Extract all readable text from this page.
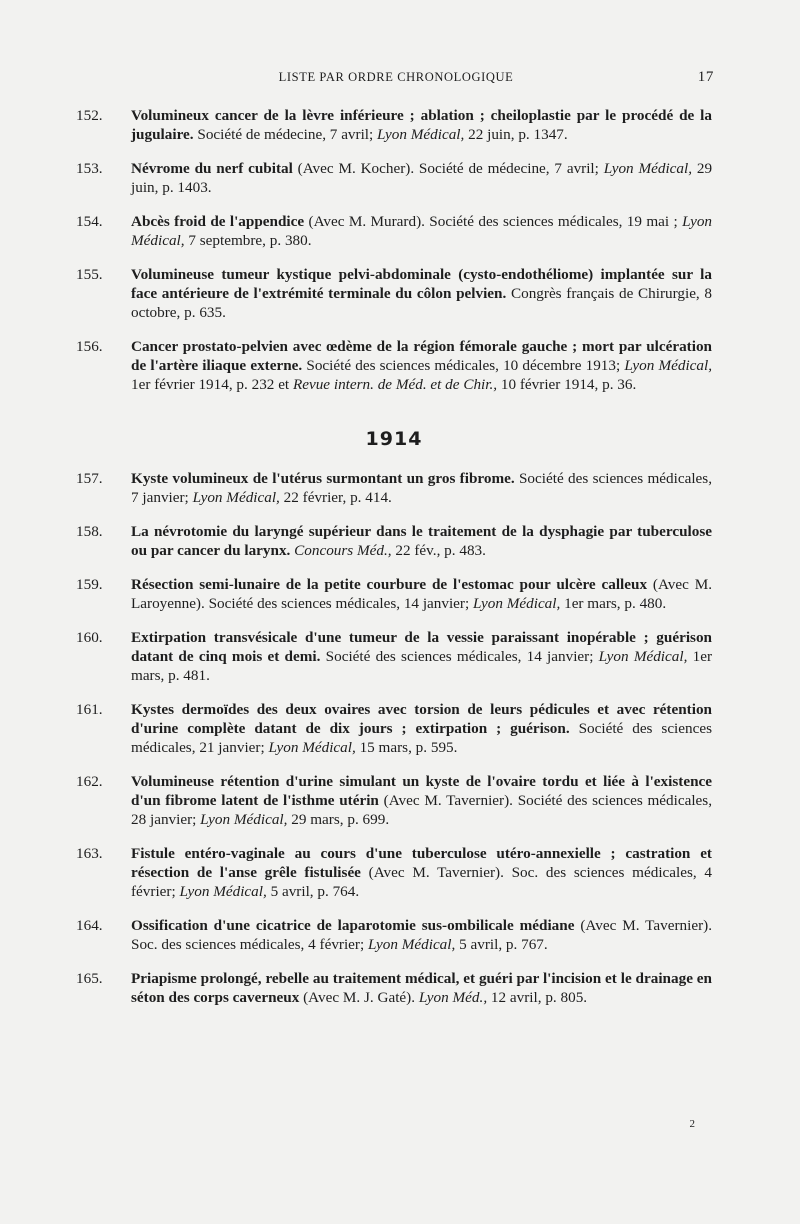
LISTE PAR ORDRE CHRONOLOGIQUE	17
152. Volumineux cancer de la lèvre inférieure ; ablation ; cheiloplastie par le procédé de la jugulaire. Société de médecine, 7 avril; Lyon Médical, 22 juin, p. 1347.
153. Névrome du nerf cubital (Avec M. Kocher). Société de médecine, 7 avril; Lyon Médical, 29 juin, p. 1403.
154. Abcès froid de l'appendice (Avec M. Murard). Société des sciences médicales, 19 mai ; Lyon Médical, 7 septembre, p. 380.
155. Volumineuse tumeur kystique pelvi-abdominale (cysto-endothéliome) implantée sur la face antérieure de l'extrémité terminale du côlon pelvien. Congrès français de Chirurgie, 8 octobre, p. 635.
156. Cancer prostato-pelvien avec œdème de la région fémorale gauche ; mort par ulcération de l'artère iliaque externe. Société des sciences médicales, 10 décembre 1913; Lyon Médical, 1er février 1914, p. 232 et Revue intern. de Méd. et de Chir., 10 février 1914, p. 36.
1914
157. Kyste volumineux de l'utérus surmontant un gros fibrome. Société des sciences médicales, 7 janvier; Lyon Médical, 22 février, p. 414.
158. La névrotomie du laryngé supérieur dans le traitement de la dysphagie par tuberculose ou par cancer du larynx. Concours Méd., 22 fév., p. 483.
159. Résection semi-lunaire de la petite courbure de l'estomac pour ulcère calleux (Avec M. Laroyenne). Société des sciences médicales, 14 janvier; Lyon Médical, 1er mars, p. 480.
160. Extirpation transvésicale d'une tumeur de la vessie paraissant inopérable ; guérison datant de cinq mois et demi. Société des sciences médicales, 14 janvier; Lyon Médical, 1er mars, p. 481.
161. Kystes dermoïdes des deux ovaires avec torsion de leurs pédicules et avec rétention d'urine complète datant de dix jours ; extirpation ; guérison. Société des sciences médicales, 21 janvier; Lyon Médical, 15 mars, p. 595.
162. Volumineuse rétention d'urine simulant un kyste de l'ovaire tordu et liée à l'existence d'un fibrome latent de l'isthme utérin (Avec M. Tavernier). Société des sciences médicales, 28 janvier; Lyon Médical, 29 mars, p. 699.
163. Fistule entéro-vaginale au cours d'une tuberculose utéro-annexielle ; castration et résection de l'anse grêle fistulisée (Avec M. Tavernier). Soc. des sciences médicales, 4 février; Lyon Médical, 5 avril, p. 764.
164. Ossification d'une cicatrice de laparotomie sus-ombilicale médiane (Avec M. Tavernier). Soc. des sciences médicales, 4 février; Lyon Médical, 5 avril, p. 767.
165. Priapisme prolongé, rebelle au traitement médical, et guéri par l'incision et le drainage en séton des corps caverneux (Avec M. J. Gaté). Lyon Méd., 12 avril, p. 805.
2
